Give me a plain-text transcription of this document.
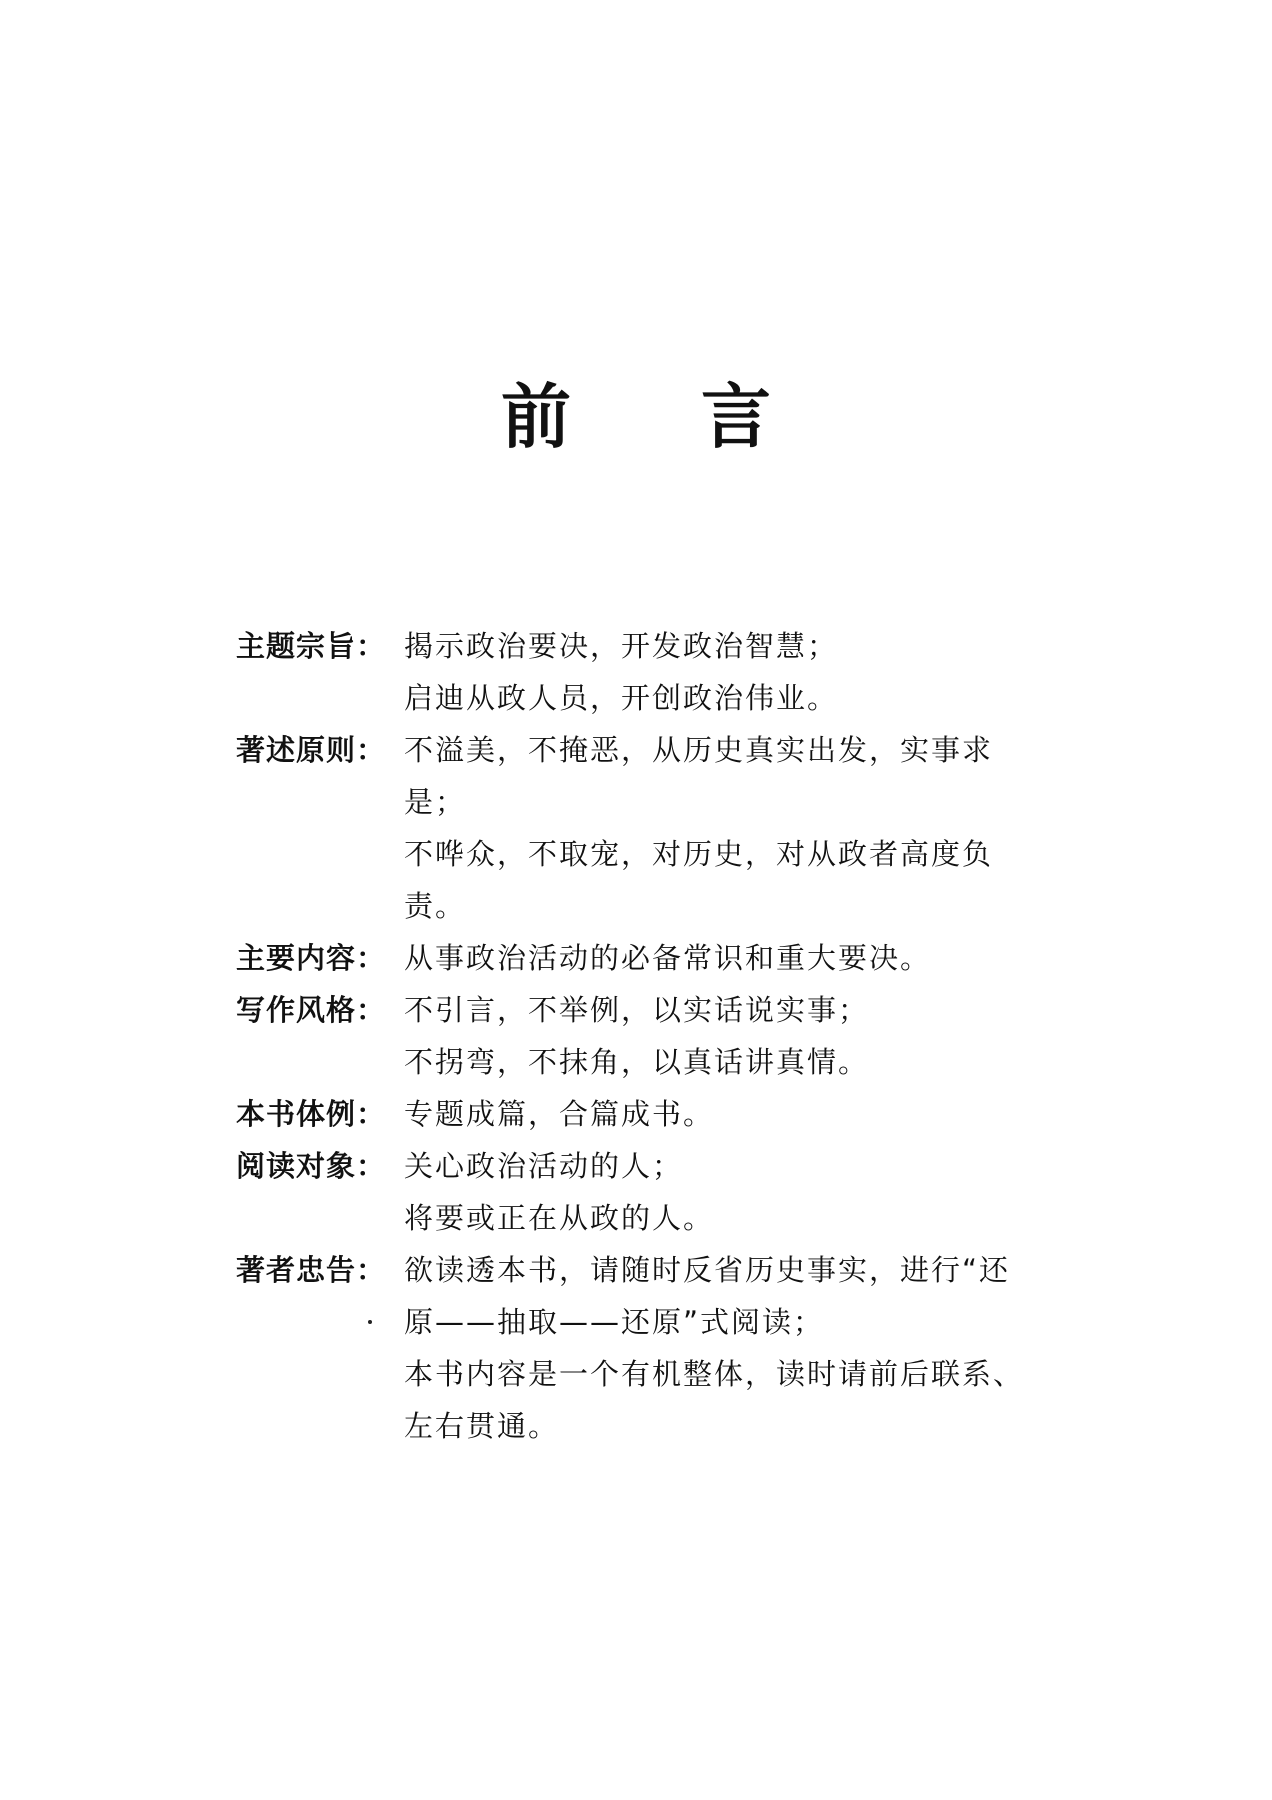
前 言
主题宗旨： 揭示政治要决，开发政治智慧；
启迪从政人员，开创政治伟业。
著述原则： 不溢美，不掩恶，从历史真实出发，实事求
是；
不哗众，不取宠，对历史，对从政者高度负
责。
主要内容： 从事政治活动的必备常识和重大要决。
写作风格： 不引言，不举例，以实话说实事；
不拐弯，不抹角，以真话讲真情。
本书体例： 专题成篇，合篇成书。
阅读对象： 关心政治活动的人；
将要或正在从政的人。
著者忠告： 欲读透本书，请随时反省历史事实，进行“还
原——抽取——还原”式阅读；
本书内容是一个有机整体，读时请前后联系、
左右贯通。
